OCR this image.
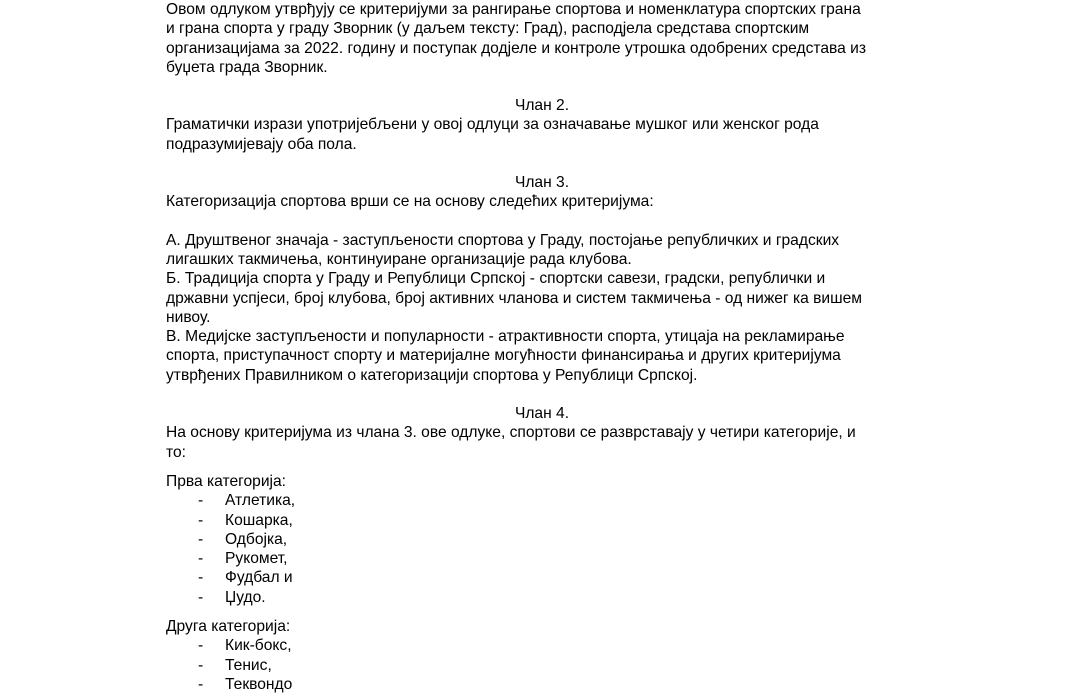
Овом одлуком утврђују се критеријуми за рангирање спортова и номенклатура спортских грана

и грана спорта у граду Зворник (у даљем тексту: Град), расподјела средстава спортским

организацијама за 2022. годину и поступак додјеле и контроле утрошка одобрених средстава из

буџета града Зворник.

Члан 2.

Граматички изрази употријебљени у овој одлуци за означавање мушког или женског рода

подразумијевају оба пола.

Члан 3.

Категоризација спортова врши се на основу следећих критеријума:

А. Друштвеног значаја - заступљености спортова у Граду, постојање републичких и градских

лигашких такмичења, континуиране организације рада клубова.

Б. Традиција спорта у Граду и Републици Српској - спортски савези, градски, републички и

државни успјеси, број клубова, број активних чланова и систем такмичења - од нижег ка вишем

нивоу.

В. Медијске заступљености и популарности - атрактивности спорта, утицаја на рекламирање

спорта, приступачност спорту и материјалне могућности финансирања и других критеријума

утврђених Правилником о категоризацији спортова у Републици Српској.

Члан 4.

На основу критеријума из члана 3. ове одлуке, спортови се разврставају у четири категорије, и

то:

Прва категорија:

- Атлетика,
- Кошарка,
- Одбојка,
- Рукомет,
- Фудбал и
- Џудо.

Друга категорија:

- Кик-бокс,
- Тенис,
- Теквондо
